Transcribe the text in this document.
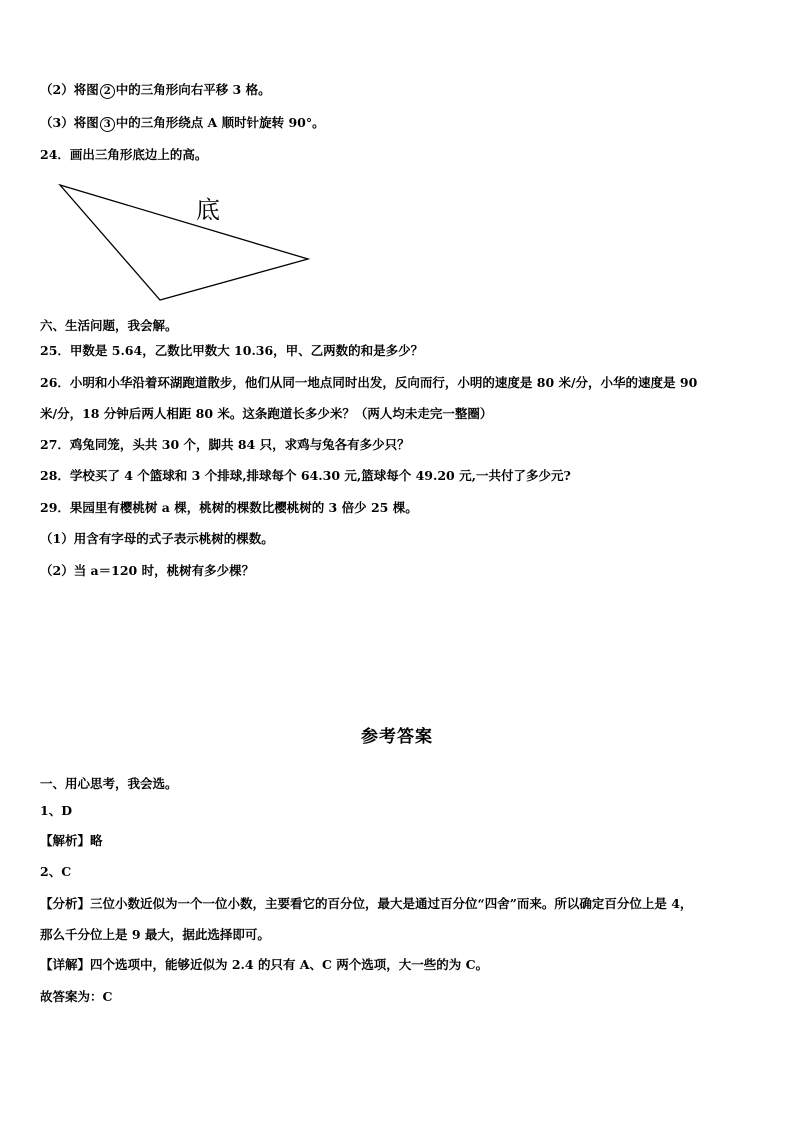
（2）将图 2 中的三角形向右平移 3 格。
（3）将图 3 中的三角形绕点 A 顺时针旋转 90°。
24．画出三角形底边上的高。
底
六、生活问题，我会解。
25．甲数是 5.64，乙数比甲数大 10.36，甲、乙两数的和是多少？
26．小明和小华沿着环湖跑道散步，他们从同一地点同时出发，反向而行，小明的速度是 80 米/分，小华的速度是 90
米/分，18 分钟后两人相距 80 米。这条跑道长多少米？（两人均未走完一整圈）
27．鸡兔同笼，头共 30 个，脚共 84 只，求鸡与兔各有多少只？
28．学校买了 4 个篮球和 3 个排球,排球每个 64.30 元,篮球每个 49.20 元,一共付了多少元?
29．果园里有樱桃树 a 棵，桃树的棵数比樱桃树的 3 倍少 25 棵。
（1）用含有字母的式子表示桃树的棵数。
（2）当 a＝120 时，桃树有多少棵？
参考答案
一、用心思考，我会选。
1、D
【解析】略
2、C
【分析】三位小数近似为一个一位小数，主要看它的百分位，最大是通过百分位“四舍”而来。所以确定百分位上是 4，
那么千分位上是 9 最大，据此选择即可。
【详解】四个选项中，能够近似为 2.4 的只有 A、C 两个选项，大一些的为 C。
故答案为：C
